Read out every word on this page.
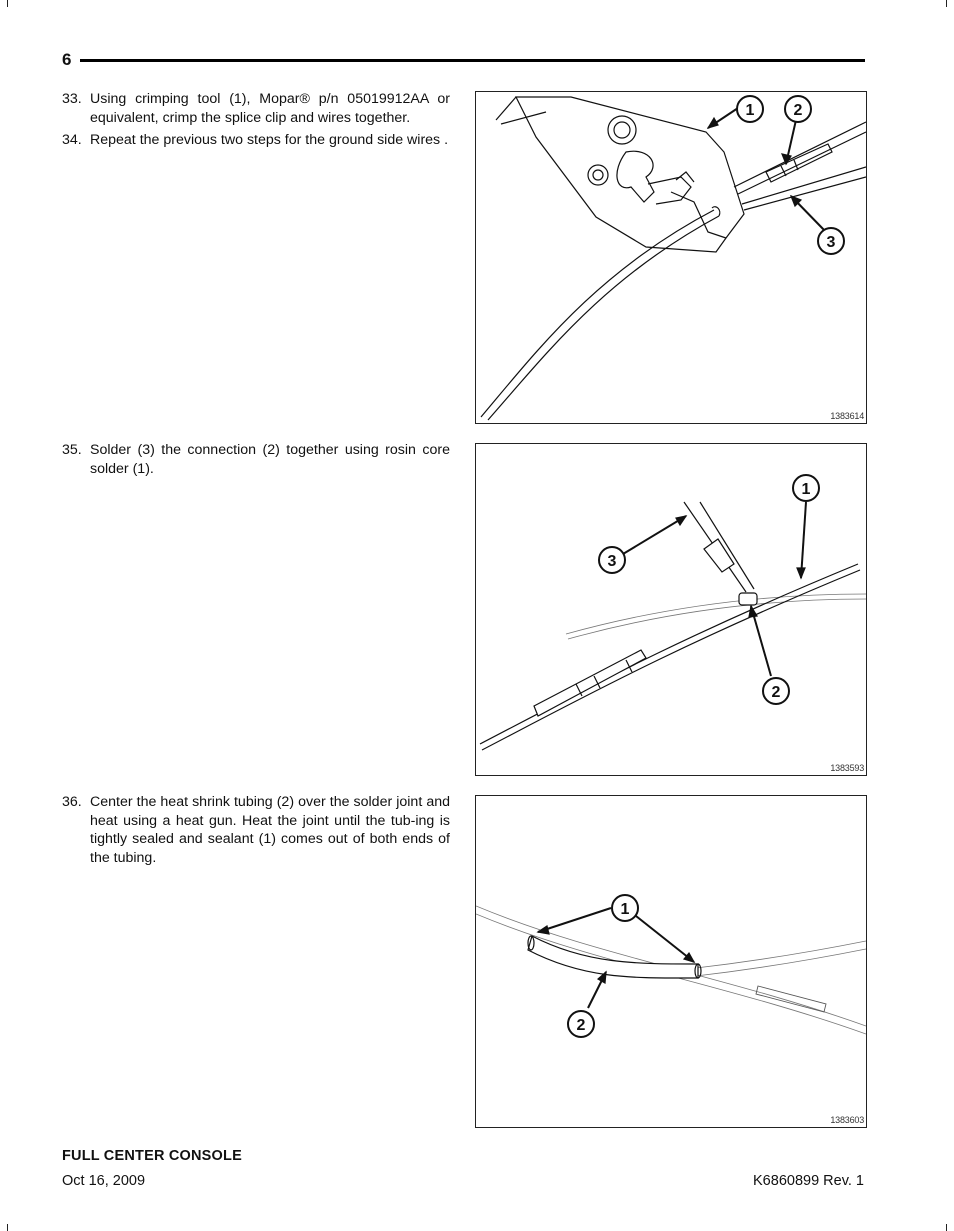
6
33. Using crimping tool (1), Mopar® p/n 05019912AA or equivalent, crimp the splice clip and wires together.
34. Repeat the previous two steps for the ground side wires .
35. Solder (3) the connection (2) together using rosin core solder (1).
36. Center the heat shrink tubing (2) over the solder joint and heat using a heat gun. Heat the joint until the tub-ing is tightly sealed and sealant (1) comes out of both ends of the tubing.
1 2
3
1383614
1
3
2
1383593
1
2
1383603
FULL CENTER CONSOLE
Oct 16, 2009	K6860899 Rev. 1
